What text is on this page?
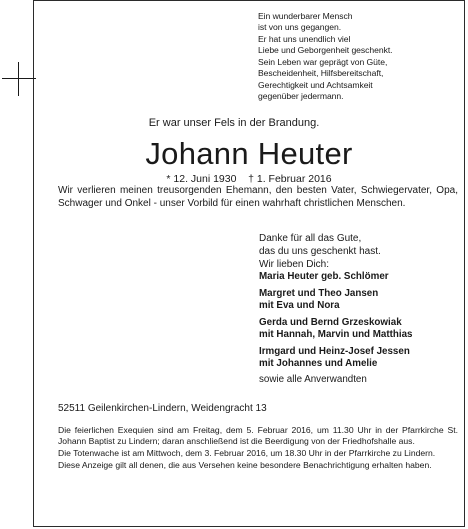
Ein wunderbarer Mensch
ist von uns gegangen.
Er hat uns unendlich viel
Liebe und Geborgenheit geschenkt.
Sein Leben war geprägt von Güte,
Bescheidenheit, Hilfsbereitschaft,
Gerechtigkeit und Achtsamkeit
gegenüber jedermann.
Er war unser Fels in der Brandung.
Johann Heuter
* 12. Juni 1930    † 1. Februar 2016
Wir verlieren meinen treusorgenden Ehemann, den besten Vater, Schwiegervater, Opa, Schwager und Onkel - unser Vorbild für einen wahrhaft christlichen Menschen.
Danke für all das Gute,
das du uns geschenkt hast.
Wir lieben Dich:
Maria Heuter geb. Schlömer
Margret und Theo Jansen
mit Eva und Nora
Gerda und Bernd Grzeskowiak
mit Hannah, Marvin und Matthias
Irmgard und Heinz-Josef Jessen
mit Johannes und Amelie
sowie alle Anverwandten
52511 Geilenkirchen-Lindern, Weidengracht 13

Die feierlichen Exequien sind am Freitag, dem 5. Februar 2016, um 11.30 Uhr in der Pfarrkirche St. Johann Baptist zu Lindern; daran anschließend ist die Beerdigung von der Friedhofshalle aus.

Die Totenwache ist am Mittwoch, dem 3. Februar 2016, um 18.30 Uhr in der Pfarrkirche zu Lindern.

Diese Anzeige gilt all denen, die aus Versehen keine besondere Benachrichtigung erhalten haben.
